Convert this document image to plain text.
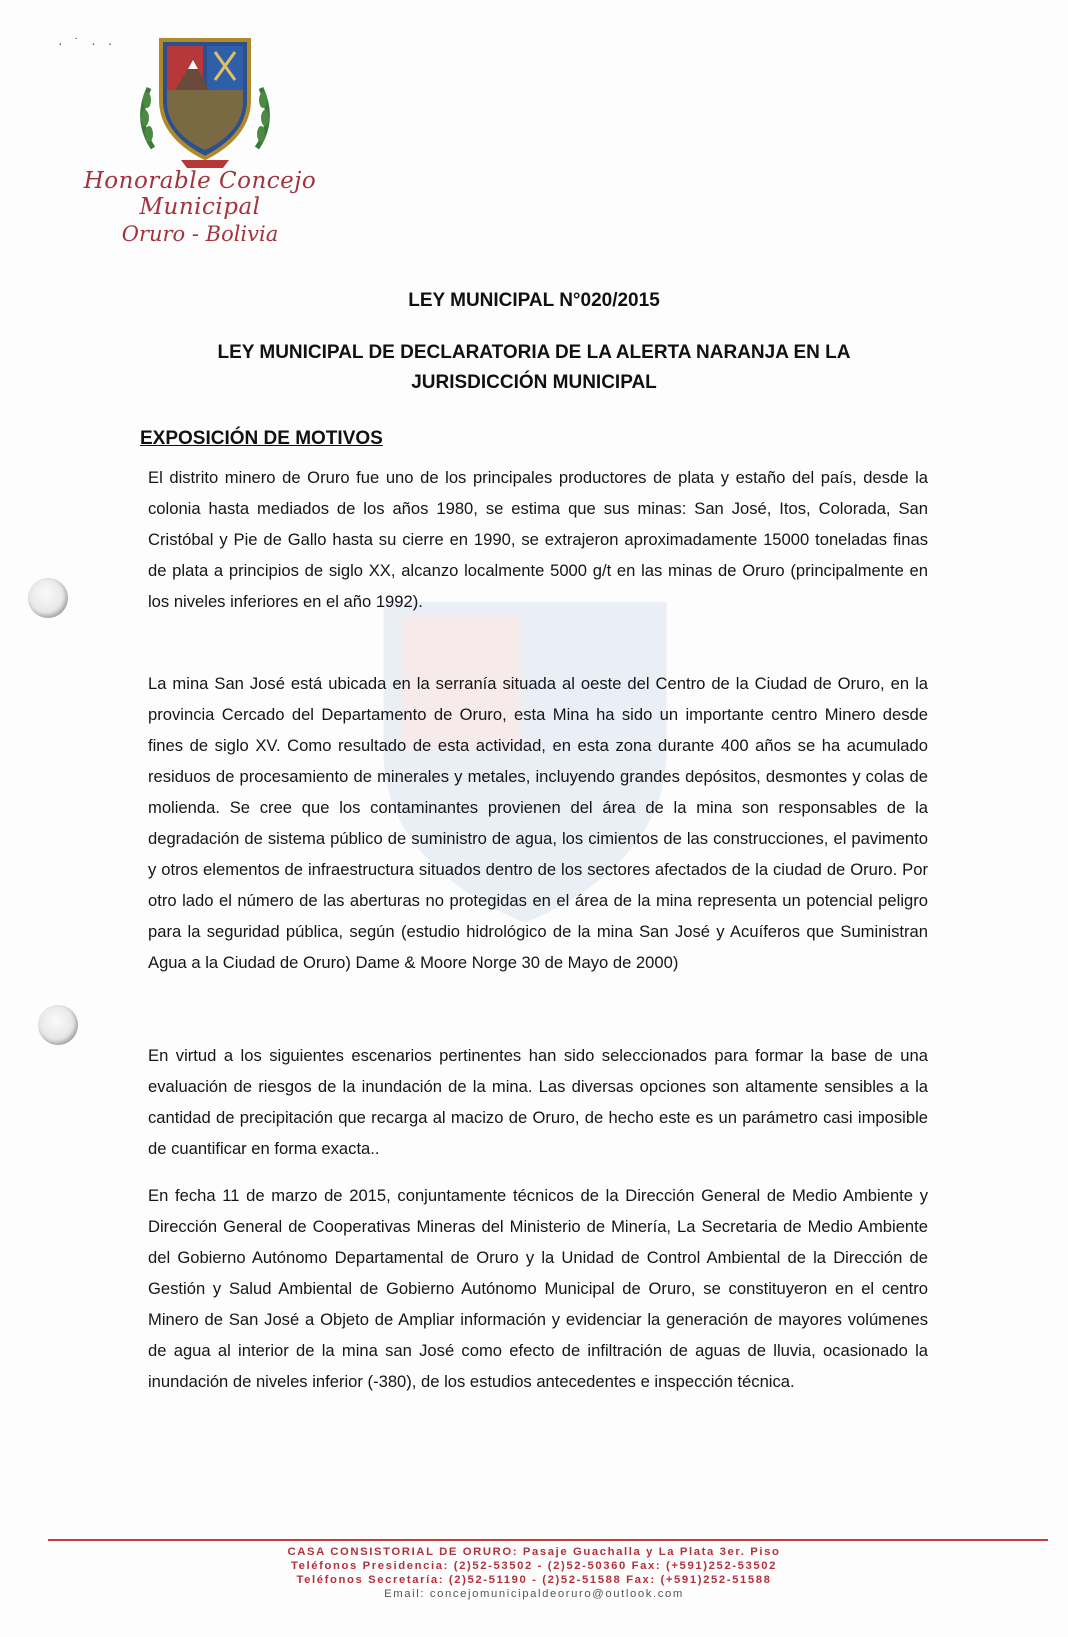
· ˙ · ·
Honorable Concejo Municipal
Oruro - Bolivia
LEY MUNICIPAL N°020/2015
LEY MUNICIPAL DE DECLARATORIA DE LA ALERTA NARANJA EN LA
JURISDICCIÓN MUNICIPAL
EXPOSICIÓN DE MOTIVOS

El distrito minero de Oruro fue uno de los principales productores de plata y estaño del país, desde la colonia hasta mediados de los años 1980, se estima que sus minas: San José, Itos, Colorada, San Cristóbal y Pie de Gallo hasta su cierre en 1990, se extrajeron aproximadamente 15000 toneladas finas de plata a principios de siglo XX, alcanzo localmente 5000 g/t en las minas de Oruro (principalmente en los niveles inferiores en el año 1992).

La mina San José está ubicada en la serranía situada al oeste del Centro de la Ciudad de Oruro, en la provincia Cercado del Departamento de Oruro, esta Mina ha sido un importante centro Minero desde fines de siglo XV. Como resultado de esta actividad, en esta zona durante 400 años se ha acumulado residuos de procesamiento de minerales y metales, incluyendo grandes depósitos, desmontes y colas de molienda. Se cree que los contaminantes provienen del área de la mina son responsables de la degradación de sistema público de suministro de agua, los cimientos de las construcciones, el pavimento y otros elementos de infraestructura situados dentro de los sectores afectados de la ciudad de Oruro. Por otro lado el número de las aberturas no protegidas en el área de la mina representa un potencial peligro para la seguridad pública, según (estudio hidrológico de la mina San José y Acuíferos que Suministran Agua a la Ciudad de Oruro) Dame & Moore Norge 30 de Mayo de 2000)

En virtud a los siguientes escenarios pertinentes han sido seleccionados para formar la base de una evaluación de riesgos de la inundación de la mina. Las diversas opciones son altamente sensibles a la cantidad de precipitación que recarga al macizo de Oruro, de hecho este es un parámetro casi imposible de cuantificar en forma exacta..

En fecha 11 de marzo de 2015, conjuntamente técnicos de la Dirección General de Medio Ambiente y Dirección General de Cooperativas Mineras del Ministerio de Minería, La Secretaria de Medio Ambiente del Gobierno Autónomo Departamental de Oruro y la Unidad de Control Ambiental de la Dirección de Gestión y Salud Ambiental de Gobierno Autónomo Municipal de Oruro, se constituyeron en el centro Minero de San José a Objeto de Ampliar información y evidenciar la generación de mayores volúmenes de agua al interior de la mina san José como efecto de infiltración de aguas de lluvia, ocasionado la inundación de niveles inferior (-380), de los estudios antecedentes e inspección técnica.

CASA CONSISTORIAL DE ORURO: Pasaje Guachalla y La Plata 3er. Piso
Teléfonos Presidencia: (2)52-53502 - (2)52-50360 Fax: (+591)252-53502
Teléfonos Secretaría: (2)52-51190 - (2)52-51588 Fax: (+591)252-51588
Email: concejomunicipaldeoruro@outlook.com
